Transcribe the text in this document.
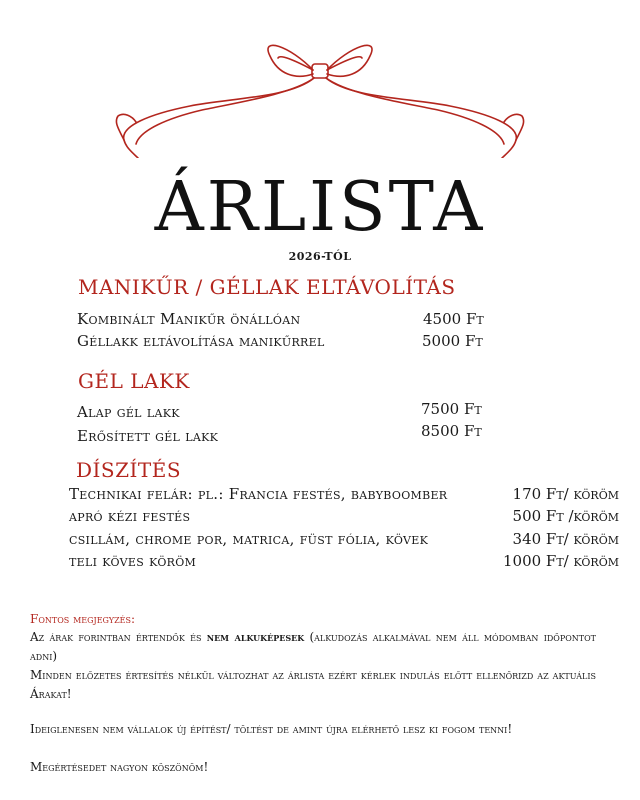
ÁRLISTA
2026-TÓL
MANIKŰR / GÉLLAK ELTÁVOLÍTÁS
Kombinált Manikűr önállóan	4500 Ft
Géllakk eltávolítása manikűrrel	5000 Ft
GÉL LAKK
Alap gél lakk	7500 Ft
Erősített gél lakk	8500 Ft
DÍSZÍTÉS
Technikai felár: pl.: Francia festés, babyboomber	170 Ft/ köröm
apró kézi festés	500 Ft /köröm
csillám, chrome por, matrica, füst fólia, kövek	340 Ft/ köröm
teli köves köröm	1000 Ft/ köröm
Fontos megjegyzés:
Az árak forintban értendők és nem alkuképesek (alkudozás alkalmával nem áll módomban időpontot adni)
Minden előzetes értesítés nélkül változhat az árlista ezért kérlek indulás előtt ellenőrizd az aktuális Árakat!
Ideiglenesen nem vállalok új építést/ töltést de amint újra elérhető lesz ki fogom tenni!
Megértésedet nagyon köszönöm!
